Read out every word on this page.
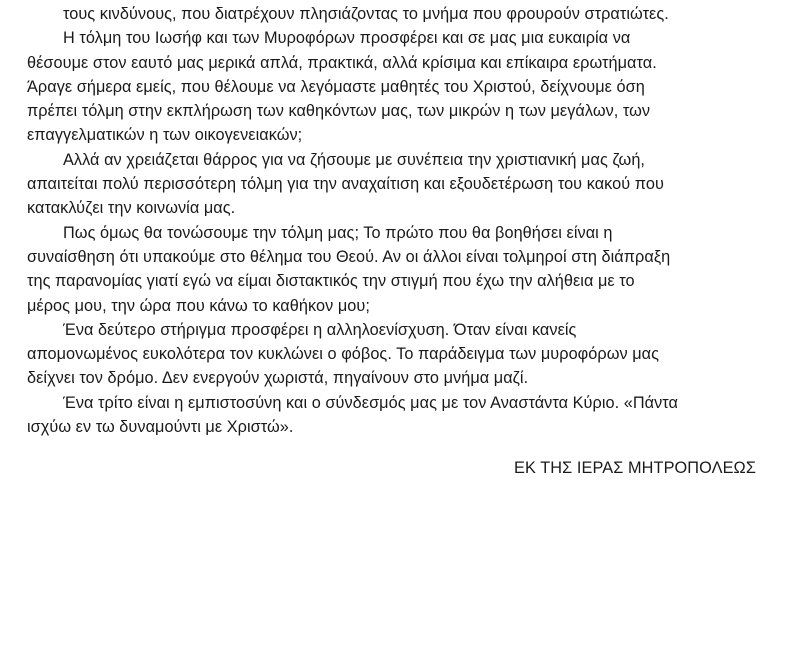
τους κινδύνους, που διατρέχουν πλησιάζοντας το μνήμα που φρουρούν στρατιώτες.
Η τόλμη του Ιωσήφ και των Μυροφόρων προσφέρει και σε μας μια ευκαιρία να
θέσουμε στον εαυτό μας μερικά απλά, πρακτικά, αλλά κρίσιμα και επίκαιρα ερωτήματα.
Άραγε σήμερα εμείς, που θέλουμε να λεγόμαστε μαθητές του Χριστού, δείχνουμε όση
πρέπει τόλμη στην εκπλήρωση των καθηκόντων μας, των μικρών η των μεγάλων, των
επαγγελματικών η των οικογενειακών;
Αλλά αν χρειάζεται θάρρος για να ζήσουμε με συνέπεια την χριστιανική μας ζωή,
απαιτείται πολύ περισσότερη τόλμη για την αναχαίτιση και εξουδετέρωση του κακού που
κατακλύζει την κοινωνία μας.
Πως όμως θα τονώσουμε την τόλμη μας; Το πρώτο που θα βοηθήσει είναι η
συναίσθηση ότι υπακούμε στο θέλημα του Θεού. Αν οι άλλοι είναι τολμηροί στη διάπραξη
της παρανομίας γιατί εγώ να είμαι διστακτικός την στιγμή που έχω την αλήθεια με το
μέρος μου, την ώρα που κάνω το καθήκον μου;
Ένα δεύτερο στήριγμα προσφέρει η αλληλοενίσχυση. Όταν είναι κανείς
απομονωμένος ευκολότερα τον κυκλώνει ο φόβος. Το παράδειγμα των μυροφόρων μας
δείχνει τον δρόμο. Δεν ενεργούν χωριστά, πηγαίνουν στο μνήμα μαζί.
Ένα τρίτο είναι η εμπιστοσύνη και ο σύνδεσμός μας με τον Αναστάντα Κύριο. «Πάντα
ισχύω εν τω δυναμούντι με Χριστώ».
ΕΚ ΤΗΣ ΙΕΡΑΣ ΜΗΤΡΟΠΟΛΕΩΣ
